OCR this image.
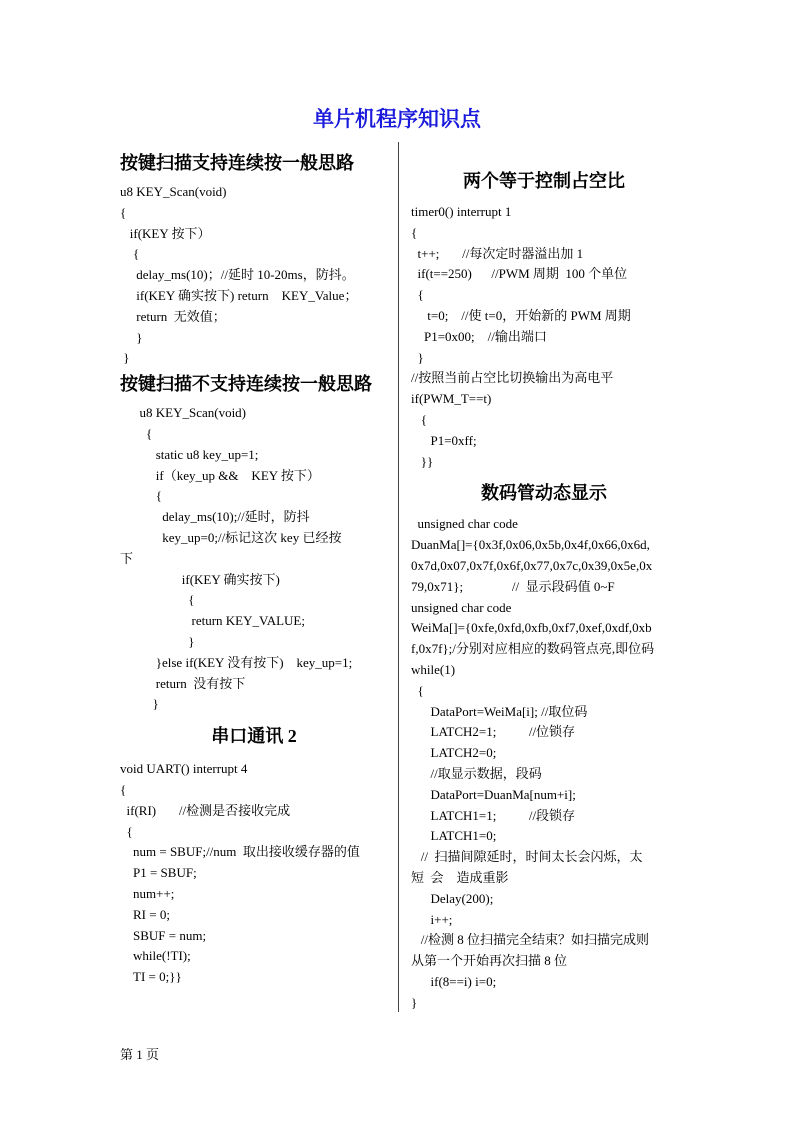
单片机程序知识点
按键扫描支持连续按一般思路
u8 KEY_Scan(void)
{
if(KEY 按下）
{
delay_ms(10)；//延时 10-20ms，防抖。
if(KEY 确实按下) return    KEY_Value；
return  无效值；
}
}
按键扫描不支持连续按一般思路
u8 KEY_Scan(void)
{
static u8 key_up=1;
if（key_up &&    KEY 按下）
{
delay_ms(10);//延时，防抖
key_up=0;//标记这次 key 已经按
下
if(KEY 确实按下)
{
return KEY_VALUE;
}
}else if(KEY 没有按下)    key_up=1;
return  没有按下
}
串口通讯 2
void UART() interrupt 4
{
if(RI)       //检测是否接收完成
{
num = SBUF;//num  取出接收缓存器的值
P1 = SBUF;
num++;
RI = 0;
SBUF = num;
while(!TI);
TI = 0;}}
两个等于控制占空比
timer0() interrupt 1
{
t++;       //每次定时器溢出加 1
if(t==250)      //PWM 周期  100 个单位
{
t=0;    //使 t=0，开始新的 PWM 周期
P1=0x00;    //输出端口
}
//按照当前占空比切换输出为高电平
if(PWM_T==t)
{
P1=0xff;
}}
数码管动态显示
unsigned char code
DuanMa[]={0x3f,0x06,0x5b,0x4f,0x66,0x6d,
0x7d,0x07,0x7f,0x6f,0x77,0x7c,0x39,0x5e,0x
79,0x71};               //  显示段码值 0~F
unsigned char code
WeiMa[]={0xfe,0xfd,0xfb,0xf7,0xef,0xdf,0xb
f,0x7f};/分别对应相应的数码管点亮,即位码
while(1)
{
DataPort=WeiMa[i]; //取位码
LATCH2=1;          //位锁存
LATCH2=0;
//取显示数据，段码
DataPort=DuanMa[num+i];
LATCH1=1;          //段锁存
LATCH1=0;
//  扫描间隙延时，时间太长会闪烁，太
短  会    造成重影
Delay(200);
i++;
//检测 8 位扫描完全结束？如扫描完成则
从第一个开始再次扫描 8 位
if(8==i) i=0;
}
第 1 页
